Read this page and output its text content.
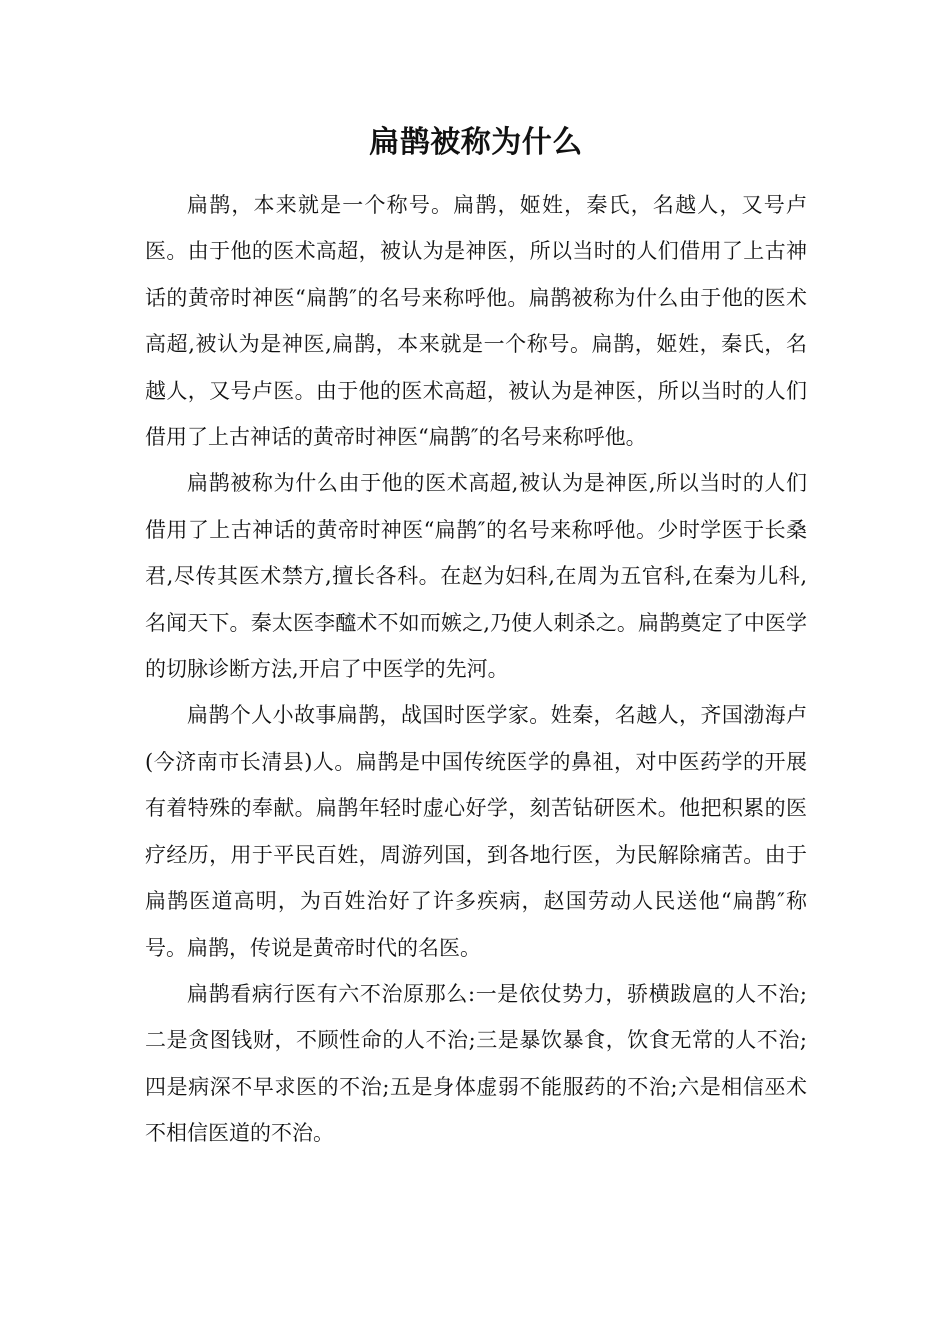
扁鹊被称为什么

扁鹊，本来就是一个称号。扁鹊，姬姓，秦氏，名越人，又号卢医。由于他的医术高超，被认为是神医，所以当时的人们借用了上古神话的黄帝时神医“扁鹊″的名号来称呼他。扁鹊被称为什么由于他的医术高超,被认为是神医,扁鹊，本来就是一个称号。扁鹊，姬姓，秦氏，名越人，又号卢医。由于他的医术高超，被认为是神医，所以当时的人们借用了上古神话的黄帝时神医“扁鹊″的名号来称呼他。

扁鹊被称为什么由于他的医术高超,被认为是神医,所以当时的人们借用了上古神话的黄帝时神医“扁鹊″的名号来称呼他。少时学医于长桑君,尽传其医术禁方,擅长各科。在赵为妇科,在周为五官科,在秦为儿科,名闻天下。秦太医李醯术不如而嫉之,乃使人刺杀之。扁鹊奠定了中医学的切脉诊断方法,开启了中医学的先河。

扁鹊个人小故事扁鹊，战国时医学家。姓秦，名越人，齐国渤海卢(今济南市长清县)人。扁鹊是中国传统医学的鼻祖，对中医药学的开展有着特殊的奉献。扁鹊年轻时虚心好学，刻苦钻研医术。他把积累的医疗经历，用于平民百姓，周游列国，到各地行医，为民解除痛苦。由于扁鹊医道高明，为百姓治好了许多疾病，赵国劳动人民送他“扁鹊″称号。扁鹊，传说是黄帝时代的名医。

扁鹊看病行医有六不治原那么:一是依仗势力，骄横跋扈的人不治;二是贪图钱财，不顾性命的人不治;三是暴饮暴食，饮食无常的人不治;四是病深不早求医的不治;五是身体虚弱不能服药的不治;六是相信巫术不相信医道的不治。
